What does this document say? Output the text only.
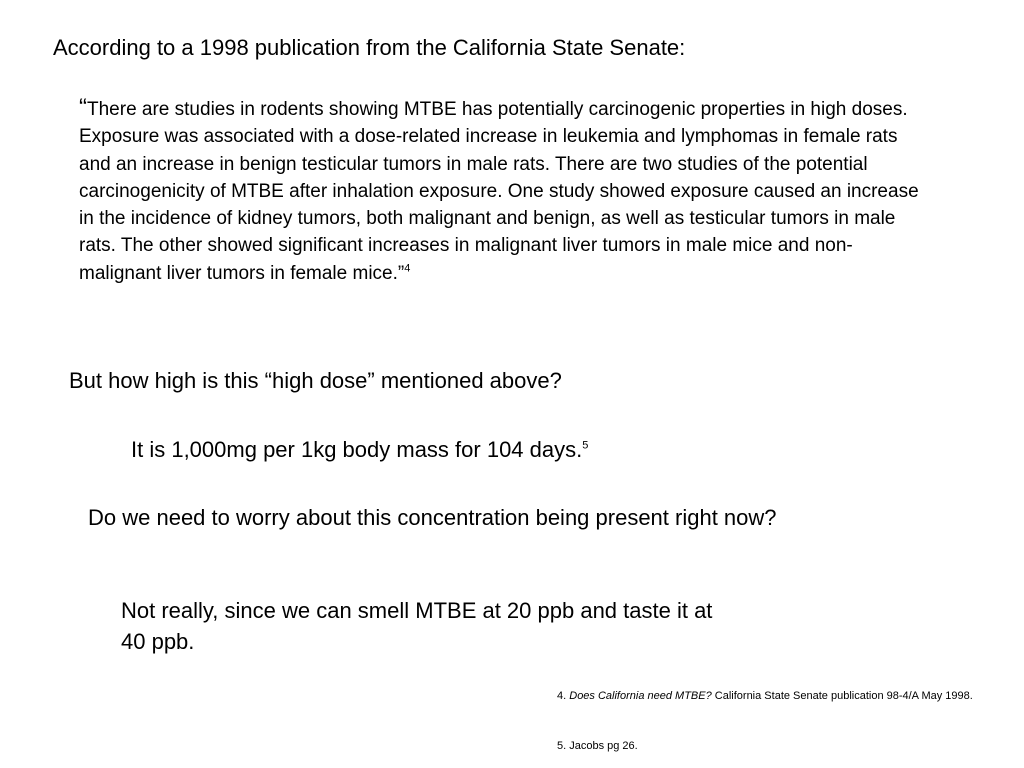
According to a 1998 publication from the California State Senate:

“There are studies in rodents showing MTBE has potentially carcinogenic properties in high doses. Exposure was associated with a dose-related increase in leukemia and lymphomas in female rats and an increase in benign testicular tumors in male rats. There are two studies of the potential carcinogenicity of MTBE after inhalation exposure. One study showed exposure caused an increase in the incidence of kidney tumors, both malignant and benign, as well as testicular tumors in male rats. The other showed significant increases in malignant liver tumors in male mice and non-malignant liver tumors in female mice.”$^4$

But how high is this “high dose” mentioned above?

It is 1,000mg per 1kg body mass for 104 days.$^5$

Do we need to worry about this concentration being present right now?

Not really, since we can smell MTBE at 20 ppb and taste it at 40 ppb.

4. Does California need MTBE? California State Senate publication 98-4/A May 1998.

5. Jacobs pg 26.
